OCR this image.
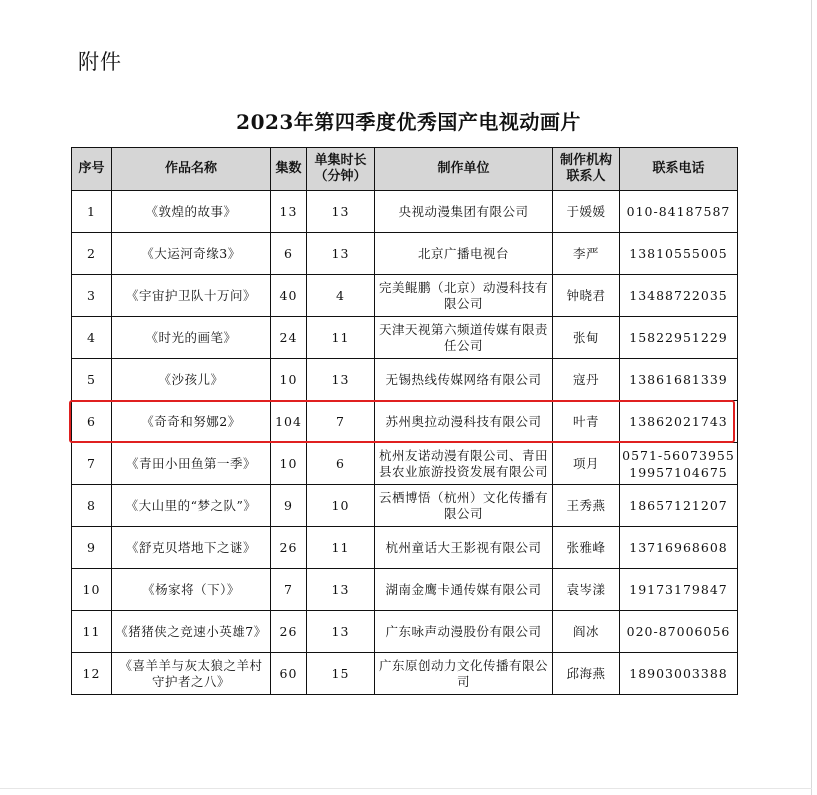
附件
2023年第四季度优秀国产电视动画片
序号	作品名称	集数	单集时长（分钟）	制作单位	制作机构联系人	联系电话
1	《敦煌的故事》	13	13	央视动漫集团有限公司	于媛媛	010-84187587
2	《大运河奇缘3》	6	13	北京广播电视台	李严	13810555005
3	《宇宙护卫队十万问》	40	4	完美鲲鹏（北京）动漫科技有限公司	钟晓君	13488722035
4	《时光的画笔》	24	11	天津天视第六频道传媒有限责任公司	张甸	15822951229
5	《沙孩儿》	10	13	无锡热线传媒网络有限公司	寇丹	13861681339
6	《奇奇和努娜2》	104	7	苏州奥拉动漫科技有限公司	叶青	13862021743
7	《青田小田鱼第一季》	10	6	杭州友诺动漫有限公司、青田县农业旅游投资发展有限公司	项月	0571-56073955 19957104675
8	《大山里的“梦之队”》	9	10	云栖博悟（杭州）文化传播有限公司	王秀燕	18657121207
9	《舒克贝塔地下之谜》	26	11	杭州童话大王影视有限公司	张雅峰	13716968608
10	《杨家将（下）》	7	13	湖南金鹰卡通传媒有限公司	袁岑漾	19173179847
11	《猪猪侠之竞速小英雄7》	26	13	广东咏声动漫股份有限公司	阎冰	020-87006056
12	《喜羊羊与灰太狼之羊村守护者之八》	60	15	广东原创动力文化传播有限公司	邱海燕	18903003388
